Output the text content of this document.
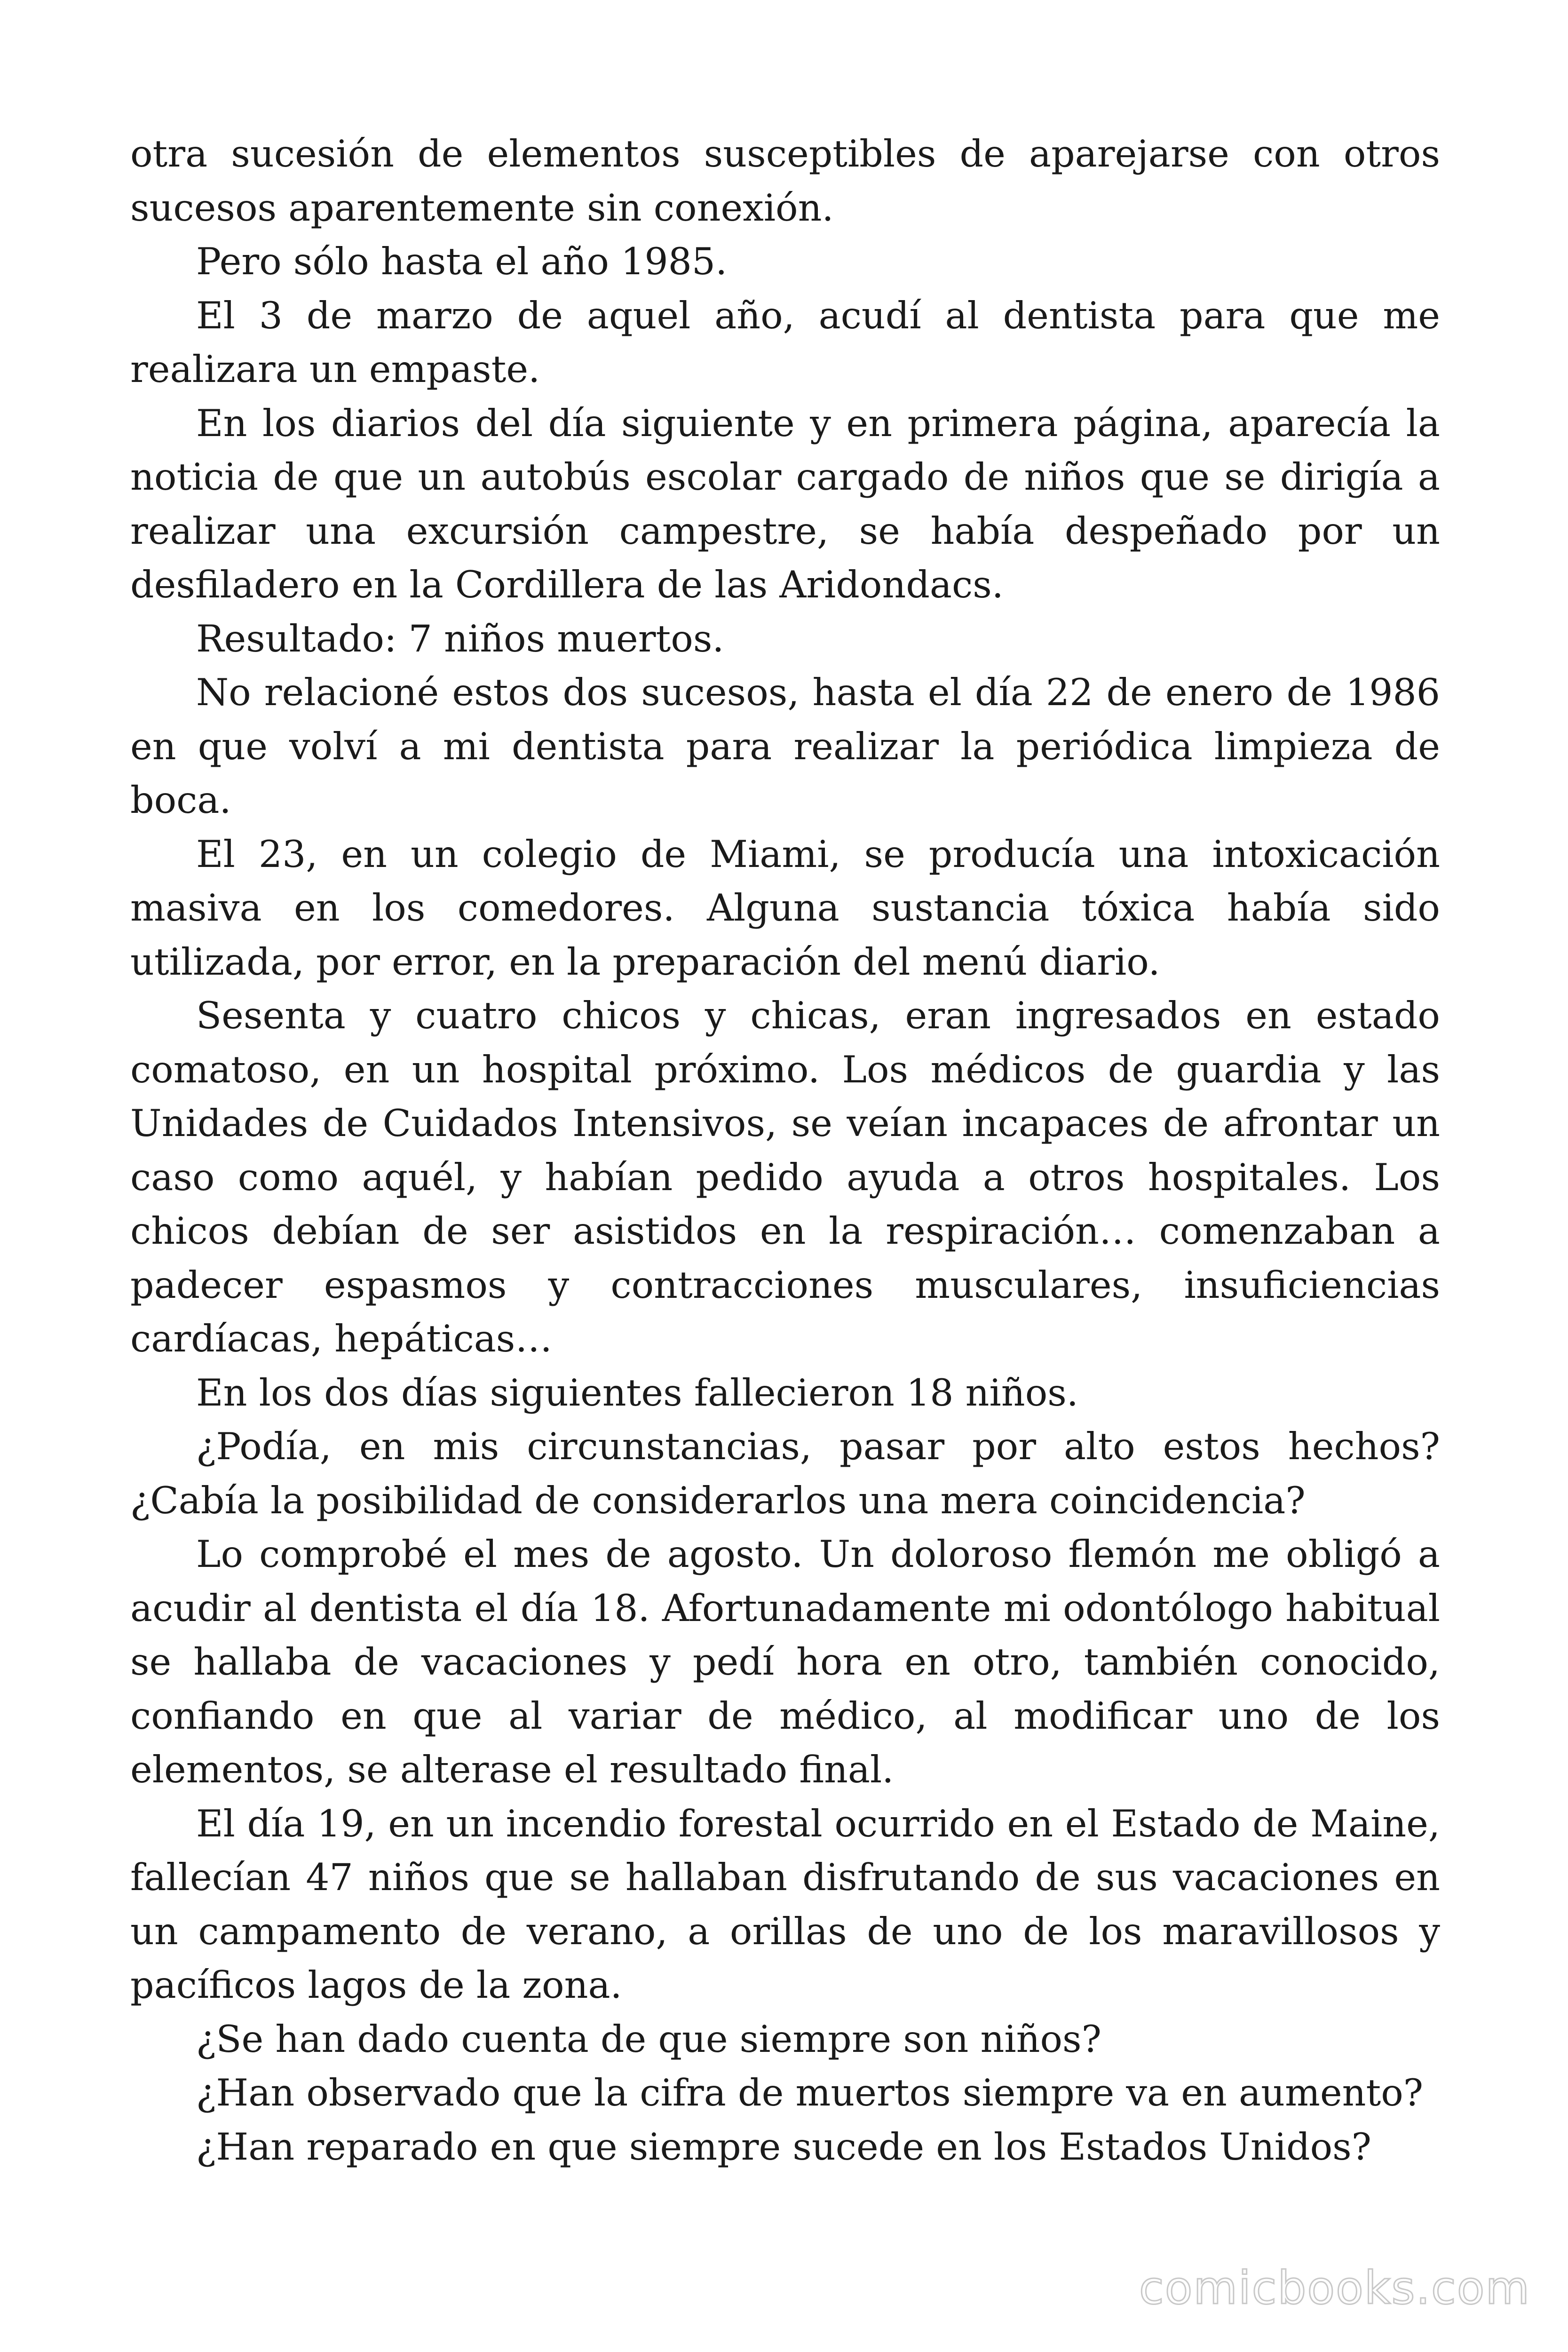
otra sucesión de elementos susceptibles de aparejarse con otros sucesos aparentemente sin conexión.

Pero sólo hasta el año 1985.

El 3 de marzo de aquel año, acudí al dentista para que me realizara un empaste.

En los diarios del día siguiente y en primera página, aparecía la noticia de que un autobús escolar cargado de niños que se dirigía a realizar una excursión campestre, se había despeñado por un desfiladero en la Cordillera de las Aridondacs.

Resultado: 7 niños muertos.

No relacioné estos dos sucesos, hasta el día 22 de enero de 1986 en que volví a mi dentista para realizar la periódica limpieza de boca.

El 23, en un colegio de Miami, se producía una intoxicación masiva en los comedores. Alguna sustancia tóxica había sido utilizada, por error, en la preparación del menú diario.

Sesenta y cuatro chicos y chicas, eran ingresados en estado comatoso, en un hospital próximo. Los médicos de guardia y las Unidades de Cuidados Intensivos, se veían incapaces de afrontar un caso como aquél, y habían pedido ayuda a otros hospitales. Los chicos debían de ser asistidos en la respiración… comenzaban a padecer espasmos y contracciones musculares, insuficiencias cardíacas, hepáticas…

En los dos días siguientes fallecieron 18 niños.

¿Podía, en mis circunstancias, pasar por alto estos hechos? ¿Cabía la posibilidad de considerarlos una mera coincidencia?

Lo comprobé el mes de agosto. Un doloroso flemón me obligó a acudir al dentista el día 18. Afortunadamente mi odontólogo habitual se hallaba de vacaciones y pedí hora en otro, también conocido, confiando en que al variar de médico, al modificar uno de los elementos, se alterase el resultado final.

El día 19, en un incendio forestal ocurrido en el Estado de Maine, fallecían 47 niños que se hallaban disfrutando de sus vacaciones en un campamento de verano, a orillas de uno de los maravillosos y pacíficos lagos de la zona.

¿Se han dado cuenta de que siempre son niños?

¿Han observado que la cifra de muertos siempre va en aumento?

¿Han reparado en que siempre sucede en los Estados Unidos?

comicbooks.com
